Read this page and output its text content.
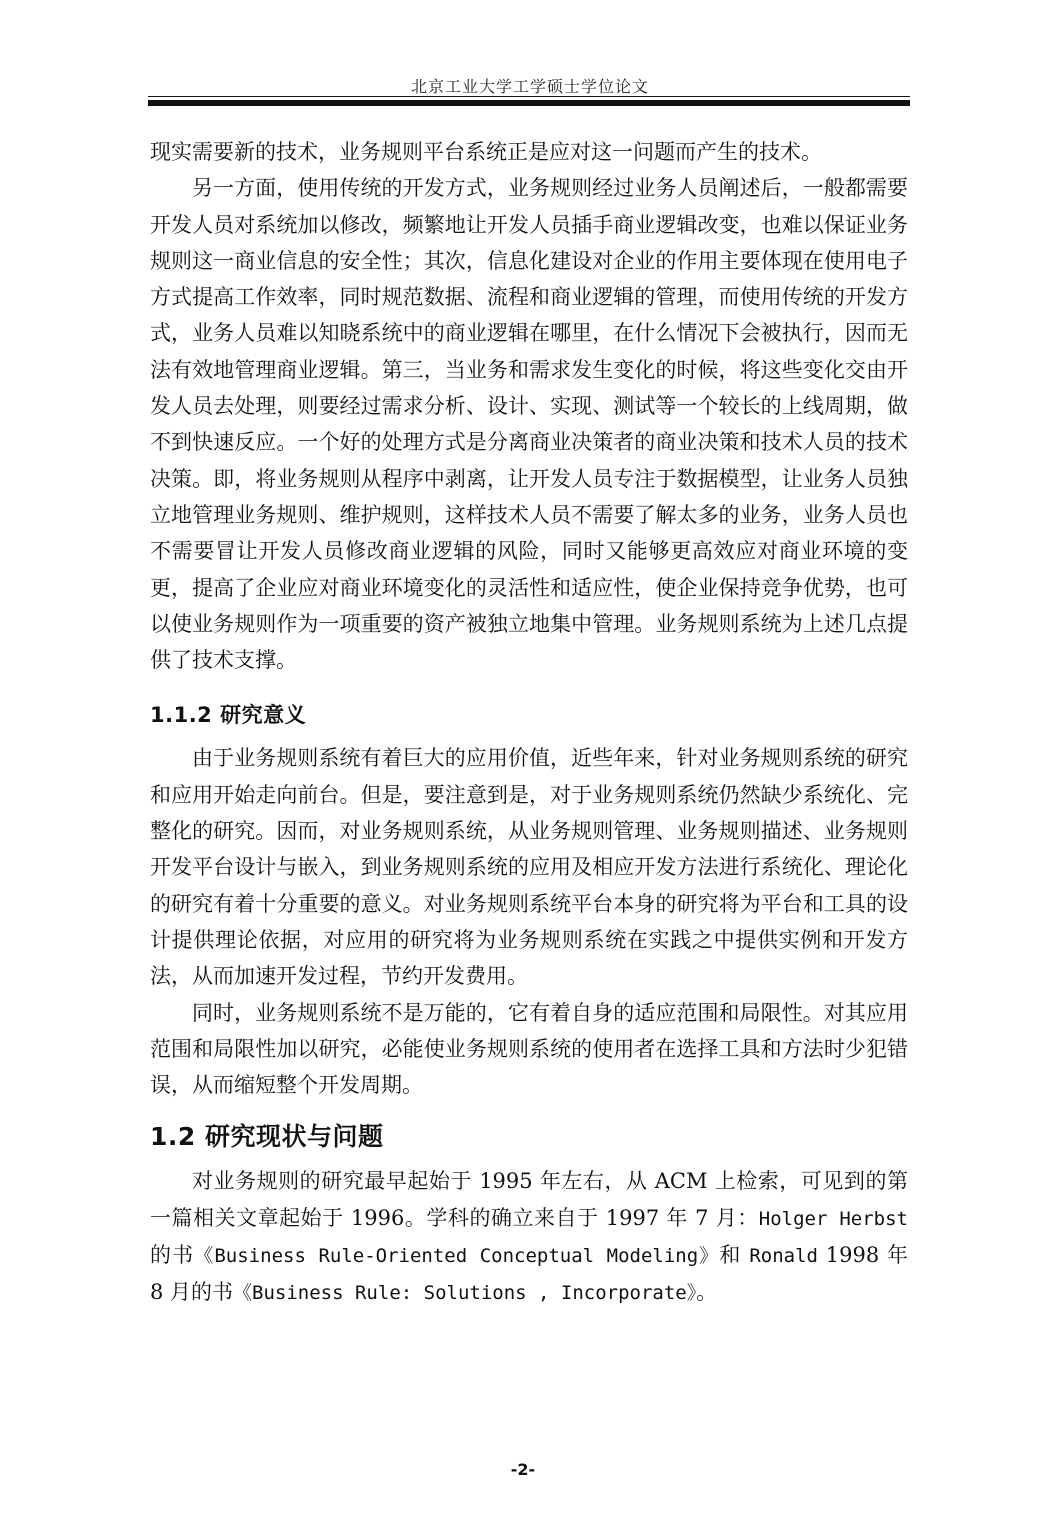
北京工业大学工学硕士学位论文

现实需要新的技术，业务规则平台系统正是应对这一问题而产生的技术。

另一方面，使用传统的开发方式，业务规则经过业务人员阐述后，一般都需要开发人员对系统加以修改，频繁地让开发人员插手商业逻辑改变，也难以保证业务规则这一商业信息的安全性；其次，信息化建设对企业的作用主要体现在使用电子方式提高工作效率，同时规范数据、流程和商业逻辑的管理，而使用传统的开发方式，业务人员难以知晓系统中的商业逻辑在哪里，在什么情况下会被执行，因而无法有效地管理商业逻辑。第三，当业务和需求发生变化的时候，将这些变化交由开发人员去处理，则要经过需求分析、设计、实现、测试等一个较长的上线周期，做不到快速反应。一个好的处理方式是分离商业决策者的商业决策和技术人员的技术决策。即，将业务规则从程序中剥离，让开发人员专注于数据模型，让业务人员独立地管理业务规则、维护规则，这样技术人员不需要了解太多的业务，业务人员也不需要冒让开发人员修改商业逻辑的风险，同时又能够更高效应对商业环境的变更，提高了企业应对商业环境变化的灵活性和适应性，使企业保持竞争优势，也可以使业务规则作为一项重要的资产被独立地集中管理。业务规则系统为上述几点提供了技术支撑。

1.1.2 研究意义

由于业务规则系统有着巨大的应用价值，近些年来，针对业务规则系统的研究和应用开始走向前台。但是，要注意到是，对于业务规则系统仍然缺少系统化、完整化的研究。因而，对业务规则系统，从业务规则管理、业务规则描述、业务规则开发平台设计与嵌入，到业务规则系统的应用及相应开发方法进行系统化、理论化的研究有着十分重要的意义。对业务规则系统平台本身的研究将为平台和工具的设计提供理论依据，对应用的研究将为业务规则系统在实践之中提供实例和开发方法，从而加速开发过程，节约开发费用。

同时，业务规则系统不是万能的，它有着自身的适应范围和局限性。对其应用范围和局限性加以研究，必能使业务规则系统的使用者在选择工具和方法时少犯错误，从而缩短整个开发周期。

1.2 研究现状与问题

对业务规则的研究最早起始于 1995 年左右，从 ACM 上检索，可见到的第一篇相关文章起始于 1996。学科的确立来自于 1997 年 7 月：Holger Herbst 的书《Business Rule-Oriented Conceptual Modeling》和 Ronald 1998 年 8 月的书《Business Rule: Solutions , Incorporate》。

-2-
